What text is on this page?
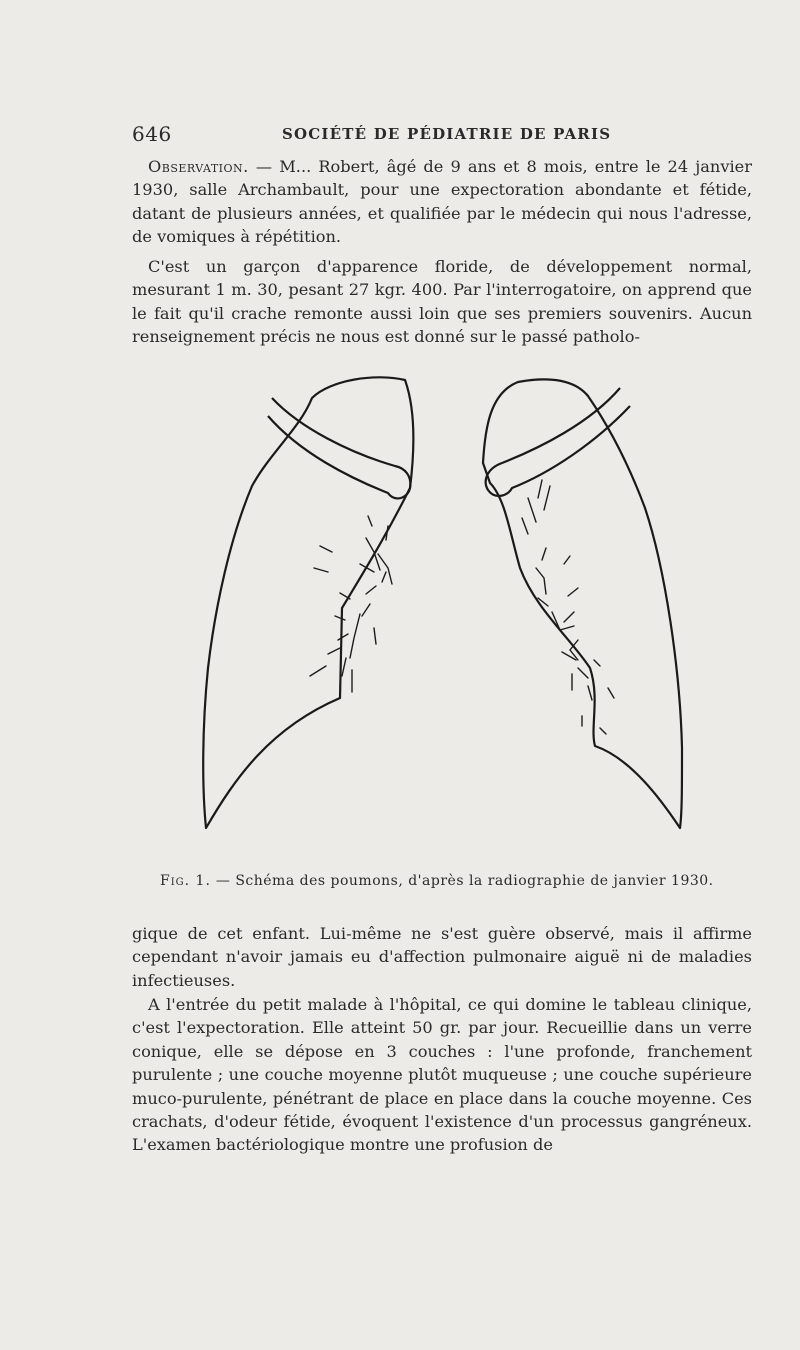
646	SOCIÉTÉ DE PÉDIATRIE DE PARIS

Observation. — M... Robert, âgé de 9 ans et 8 mois, entre le 24 janvier 1930, salle Archambault, pour une expectoration abondante et fétide, datant de plusieurs années, et qualifiée par le médecin qui nous l'adresse, de vomiques à répétition.

C'est un garçon d'apparence floride, de développement normal, mesurant 1 m. 30, pesant 27 kgr. 400. Par l'interrogatoire, on apprend que le fait qu'il crache remonte aussi loin que ses premiers souvenirs. Aucun renseignement précis ne nous est donné sur le passé patholo-

Fig. 1. — Schéma des poumons, d'après la radiographie de janvier 1930.

gique de cet enfant. Lui-même ne s'est guère observé, mais il affirme cependant n'avoir jamais eu d'affection pulmonaire aiguë ni de maladies infectieuses.

A l'entrée du petit malade à l'hôpital, ce qui domine le tableau clinique, c'est l'expectoration. Elle atteint 50 gr. par jour. Recueillie dans un verre conique, elle se dépose en 3 couches : l'une profonde, franchement purulente ; une couche moyenne plutôt muqueuse ; une couche supérieure muco-purulente, pénétrant de place en place dans la couche moyenne. Ces crachats, d'odeur fétide, évoquent l'existence d'un processus gangréneux. L'examen bactériologique montre une profusion de
